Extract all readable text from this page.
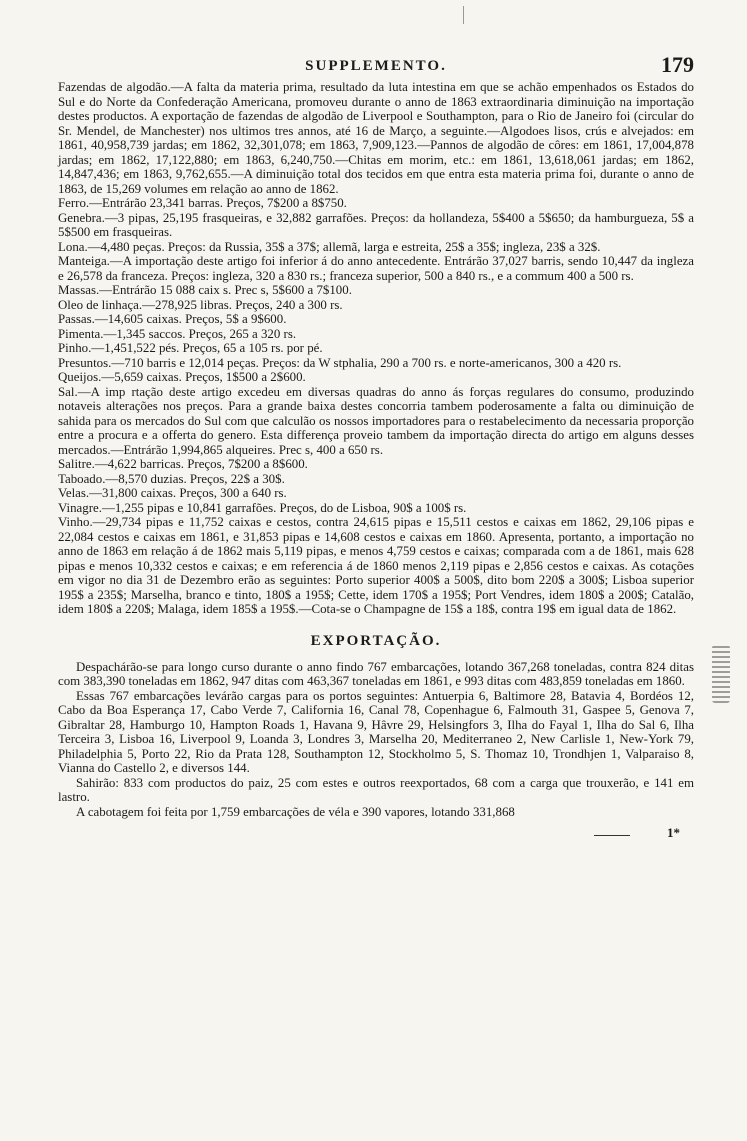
SUPPLEMENTO.	179

Fazendas de algodão.—A falta da materia prima, resultado da luta intestina em que se achão empenhados os Estados do Sul e do Norte da Confederação Americana, promoveu durante o anno de 1863 extraordinaria diminuição na importação destes productos. A exportação de fazendas de algodão de Liverpool e Southampton, para o Rio de Janeiro foi (circular do Sr. Mendel, de Manchester) nos ultimos tres annos, até 16 de Março, a seguinte.—Algodoes lisos, crús e alvejados: em 1861, 40,958,739 jardas; em 1862, 32,301,078; em 1863, 7,909,123.—Pannos de algodão de côres: em 1861, 17,004,878 jardas; em 1862, 17,122,880; em 1863, 6,240,750.—Chitas em morim, etc.: em 1861, 13,618,061 jardas; em 1862, 14,847,436; em 1863, 9,762,655.—A diminuição total dos tecidos em que entra esta materia prima foi, durante o anno de 1863, de 15,269 volumes em relação ao anno de 1862.

Ferro.—Entrárão 23,341 barras. Preços, 7$200 a 8$750.

Genebra.—3 pipas, 25,195 frasqueiras, e 32,882 garrafões. Preços: da hollandeza, 5$400 a 5$650; da hamburgueza, 5$ a 5$500 em frasqueiras.

Lona.—4,480 peças. Preços: da Russia, 35$ a 37$; allemã, larga e estreita, 25$ a 35$; ingleza, 23$ a 32$.

Manteiga.—A importação deste artigo foi inferior á do anno antecedente. Entrárão 37,027 barris, sendo 10,447 da ingleza e 26,578 da franceza. Preços: ingleza, 320 a 830 rs.; franceza superior, 500 a 840 rs., e a commum 400 a 500 rs.

Massas.—Entrárão 15 088 caix s. Prec s, 5$600 a 7$100.

Oleo de linhaça.—278,925 libras. Preços, 240 a 300 rs.

Passas.—14,605 caixas. Preços, 5$ a 9$600.

Pimenta.—1,345 saccos. Preços, 265 a 320 rs.

Pinho.—1,451,522 pés. Preços, 65 a 105 rs. por pé.

Presuntos.—710 barris e 12,014 peças. Preços: da W stphalia, 290 a 700 rs. e norte-americanos, 300 a 420 rs.

Queijos.—5,659 caixas. Preços, 1$500 a 2$600.

Sal.—A imp rtação deste artigo excedeu em diversas quadras do anno ás forças regulares do consumo, produzindo notaveis alterações nos preços. Para a grande baixa destes concorria tambem poderosamente a falta ou diminuição de sahida para os mercados do Sul com que calculão os nossos importadores para o restabelecimento da necessaria proporção entre a procura e a offerta do genero. Esta differença proveio tambem da importação directa do artigo em alguns desses mercados.—Entrárão 1,994,865 alqueires. Prec s, 400 a 650 rs.

Salitre.—4,622 barricas. Preços, 7$200 a 8$600.

Taboado.—8,570 duzias. Preços, 22$ a 30$.

Velas.—31,800 caixas. Preços, 300 a 640 rs.

Vinagre.—1,255 pipas e 10,841 garrafões. Preços, do de Lisboa, 90$ a 100$ rs.

Vinho.—29,734 pipas e 11,752 caixas e cestos, contra 24,615 pipas e 15,511 cestos e caixas em 1862, 29,106 pipas e 22,084 cestos e caixas em 1861, e 31,853 pipas e 14,608 cestos e caixas em 1860. Apresenta, portanto, a importação no anno de 1863 em relação á de 1862 mais 5,119 pipas, e menos 4,759 cestos e caixas; comparada com a de 1861, mais 628 pipas e menos 10,332 cestos e caixas; e em referencia á de 1860 menos 2,119 pipas e 2,856 cestos e caixas. As cotações em vigor no dia 31 de Dezembro erão as seguintes: Porto superior 400$ a 500$, dito bom 220$ a 300$; Lisboa superior 195$ a 235$; Marselha, branco e tinto, 180$ a 195$; Cette, idem 170$ a 195$; Port Vendres, idem 180$ a 200$; Catalão, idem 180$ a 220$; Malaga, idem 185$ a 195$.—Cota-se o Champagne de 15$ a 18$, contra 19$ em igual data de 1862.

EXPORTAÇÃO.

Despachárão-se para longo curso durante o anno findo 767 embarcações, lotando 367,268 toneladas, contra 824 ditas com 383,390 toneladas em 1862, 947 ditas com 463,367 toneladas em 1861, e 993 ditas com 483,859 toneladas em 1860.

Essas 767 embarcações levárão cargas para os portos seguintes: Antuerpia 6, Baltimore 28, Batavia 4, Bordéos 12, Cabo da Boa Esperança 17, Cabo Verde 7, California 16, Canal 78, Copenhague 6, Falmouth 31, Gaspee 5, Genova 7, Gibraltar 28, Hamburgo 10, Hampton Roads 1, Havana 9, Hâvre 29, Helsingfors 3, Ilha do Fayal 1, Ilha do Sal 6, Ilha Terceira 3, Lisboa 16, Liverpool 9, Loanda 3, Londres 3, Marselha 20, Mediterraneo 2, New Carlisle 1, New-York 79, Philadelphia 5, Porto 22, Rio da Prata 128, Southampton 12, Stockholmo 5, S. Thomaz 10, Trondhjen 1, Valparaiso 8, Vianna do Castello 2, e diversos 144.

Sahirão: 833 com productos do paiz, 25 com estes e outros reexportados, 68 com a carga que trouxerão, e 141 em lastro.

A cabotagem foi feita por 1,759 embarcações de véla e 390 vapores, lotando 331,868

1*
